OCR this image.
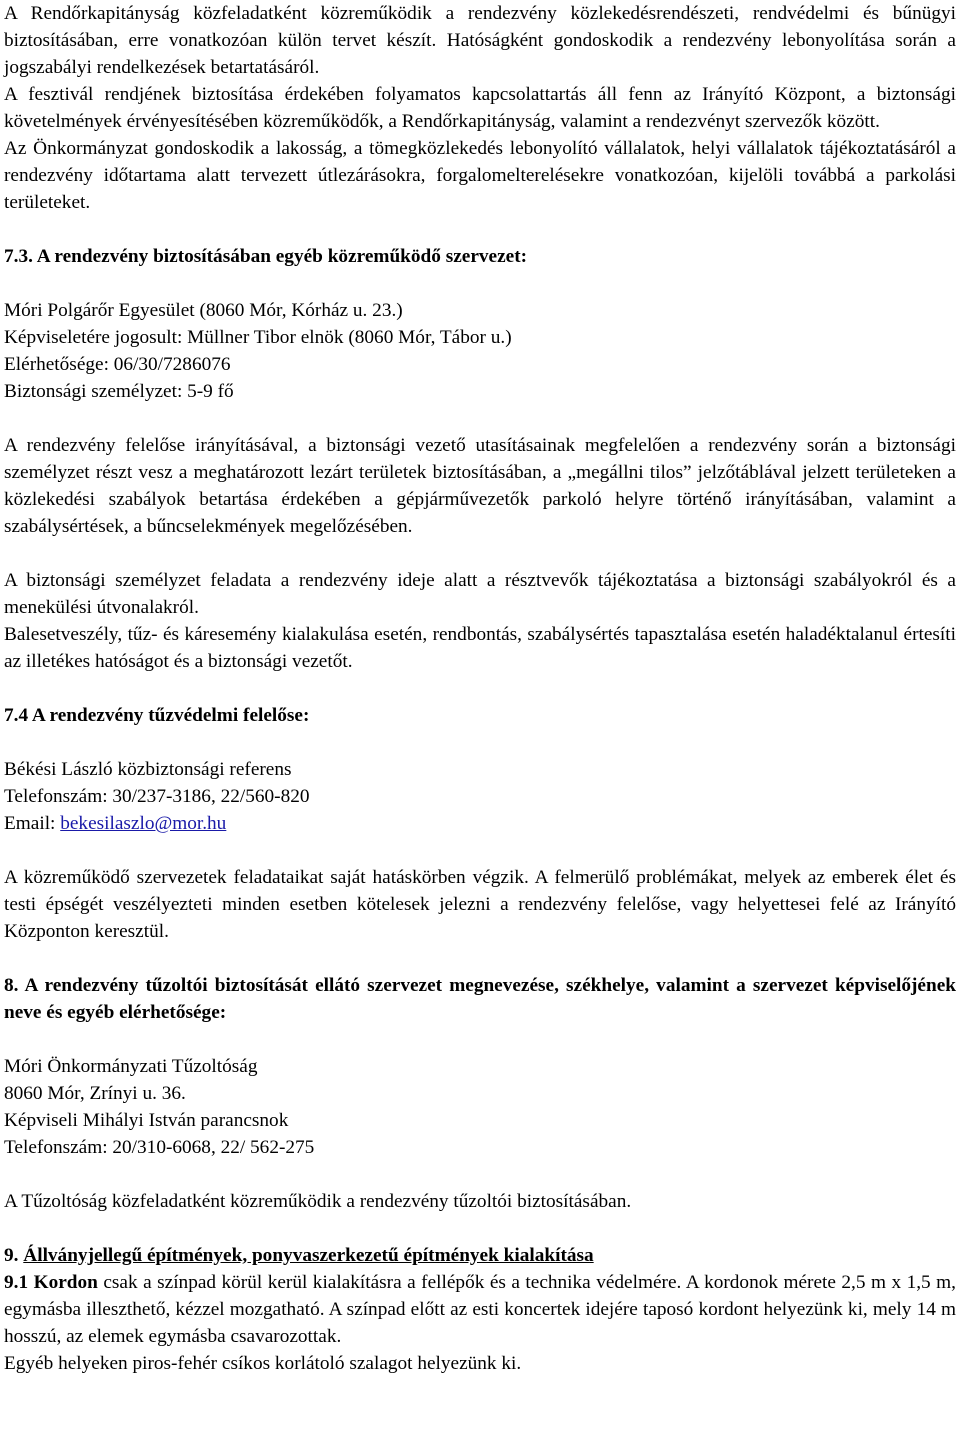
A Rendőrkapitányság közfeladatként közreműködik a rendezvény közlekedésrendészeti, rendvédelmi és bűnügyi biztosításában, erre vonatkozóan külön tervet készít. Hatóságként gondoskodik a rendezvény lebonyolítása során a jogszabályi rendelkezések betartatásáról.

A fesztivál rendjének biztosítása érdekében folyamatos kapcsolattartás áll fenn az Irányító Központ, a biztonsági követelmények érvényesítésében közreműködők, a Rendőrkapitányság, valamint a rendezvényt szervezők között.

Az Önkormányzat gondoskodik a lakosság, a tömegközlekedés lebonyolító vállalatok, helyi vállalatok tájékoztatásáról a rendezvény időtartama alatt tervezett útlezárásokra, forgalomelterelésekre vonatkozóan, kijelöli továbbá a parkolási területeket.

7.3. A rendezvény biztosításában egyéb közreműködő szervezet:

Móri Polgárőr Egyesület (8060 Mór, Kórház u. 23.)

Képviseletére jogosult: Müllner Tibor elnök (8060 Mór, Tábor u.)

Elérhetősége: 06/30/7286076

Biztonsági személyzet: 5-9 fő

A rendezvény felelőse irányításával, a biztonsági vezető utasításainak megfelelően a rendezvény során a biztonsági személyzet részt vesz a meghatározott lezárt területek biztosításában, a „megállni tilos” jelzőtáblával jelzett területeken a közlekedési szabályok betartása érdekében a gépjárművezetők parkoló helyre történő irányításában, valamint a szabálysértések, a bűncselekmények megelőzésében.

A biztonsági személyzet feladata a rendezvény ideje alatt a résztvevők tájékoztatása a biztonsági szabályokról és a menekülési útvonalakról.

Balesetveszély, tűz- és káresemény kialakulása esetén, rendbontás, szabálysértés tapasztalása esetén haladéktalanul értesíti az illetékes hatóságot és a biztonsági vezetőt.

7.4 A rendezvény tűzvédelmi felelőse:

Békési László közbiztonsági referens

Telefonszám: 30/237-3186, 22/560-820

Email: bekesilaszlo@mor.hu

A közreműködő szervezetek feladataikat saját hatáskörben végzik. A felmerülő problémákat, melyek az emberek élet és testi épségét veszélyezteti minden esetben kötelesek jelezni a rendezvény felelőse, vagy helyettesei felé az Irányító Központon keresztül.

8. A rendezvény tűzoltói biztosítását ellátó szervezet megnevezése, székhelye, valamint a szervezet képviselőjének neve és egyéb elérhetősége:

Móri Önkormányzati Tűzoltóság

8060 Mór, Zrínyi u. 36.

Képviseli Mihályi István parancsnok

Telefonszám: 20/310-6068, 22/ 562-275

A Tűzoltóság közfeladatként közreműködik a rendezvény tűzoltói biztosításában.

9. Állványjellegű építmények, ponyvaszerkezetű építmények kialakítása

9.1 Kordon csak a színpad körül kerül kialakításra a fellépők és a technika védelmére. A kordonok mérete 2,5 m x 1,5 m, egymásba illeszthető, kézzel mozgatható. A színpad előtt az esti koncertek idejére taposó kordont helyezünk ki, mely 14 m hosszú, az elemek egymásba csavarozottak.

Egyéb helyeken piros-fehér csíkos korlátoló szalagot helyezünk ki.
